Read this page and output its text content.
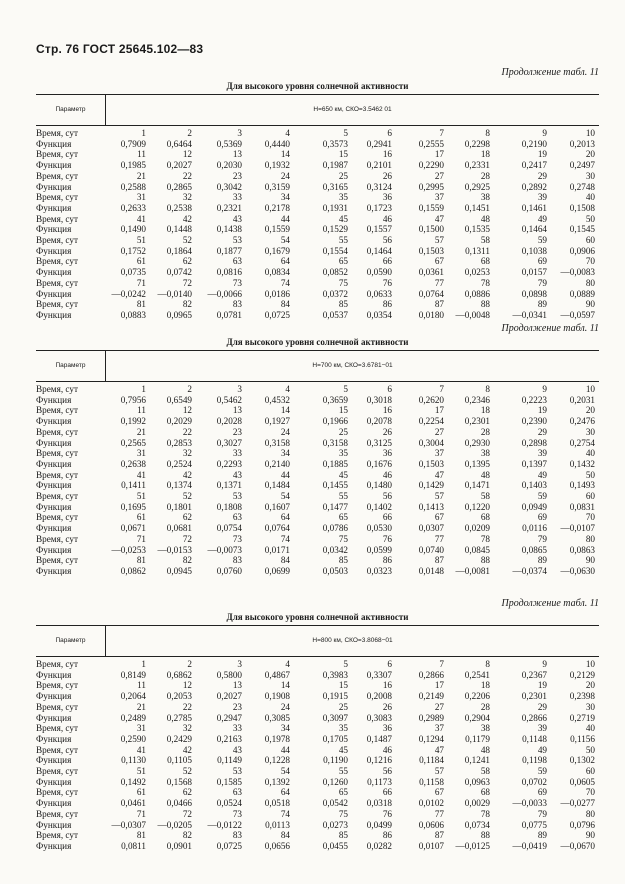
Стр. 76 ГОСТ 25645.102—83
Продолжение табл. 11
Для высокого уровня солнечной активности
Параметр	H=650 км, СКО=3.5462 01
Время, сут	1	2	3	4	5	6	7	8	9	10
Функция	0,7909	0,6464	0,5369	0,4440	0,3573	0,2941	0,2555	0,2298	0,2190	0,2013
Время, сут	11	12	13	14	15	16	17	18	19	20
Функция	0,1985	0,2027	0,2030	0,1932	0,1987	0,2101	0,2290	0,2331	0,2417	0,2497
Время, сут	21	22	23	24	25	26	27	28	29	30
Функция	0,2588	0,2865	0,3042	0,3159	0,3165	0,3124	0,2995	0,2925	0,2892	0,2748
Время, сут	31	32	33	34	35	36	37	38	39	40
Функция	0,2633	0,2538	0,2321	0,2178	0,1931	0,1723	0,1559	0,1451	0,1461	0,1508
Время, сут	41	42	43	44	45	46	47	48	49	50
Функция	0,1490	0,1448	0,1438	0,1559	0,1529	0,1557	0,1500	0,1535	0,1464	0,1545
Время, сут	51	52	53	54	55	56	57	58	59	60
Функция	0,1752	0,1864	0,1877	0,1679	0,1554	0,1464	0,1503	0,1311	0,1038	0,0906
Время, сут	61	62	63	64	65	66	67	68	69	70
Функция	0,0735	0,0742	0,0816	0,0834	0,0852	0,0590	0,0361	0,0253	0,0157	—0,0083
Время, сут	71	72	73	74	75	76	77	78	79	80
Функция	—0,0242	—0,0140	—0,0066	0,0186	0,0372	0,0633	0,0764	0,0886	0,0898	0,0889
Время, сут	81	82	83	84	85	86	87	88	89	90
Функция	0,0883	0,0965	0,0781	0,0725	0,0537	0,0354	0,0180	—0,0048	—0,0341	—0,0597
Продолжение табл. 11
Для высокого уровня солнечной активности
Параметр	H=700 км, СКО=3.6781−01
Время, сут	1	2	3	4	5	6	7	8	9	10
Функция	0,7956	0,6549	0,5462	0,4532	0,3659	0,3018	0,2620	0,2346	0,2223	0,2031
Время, сут	11	12	13	14	15	16	17	18	19	20
Функция	0,1992	0,2029	0,2028	0,1927	0,1966	0,2078	0,2254	0,2301	0,2390	0,2476
Время, сут	21	22	23	24	25	26	27	28	29	30
Функция	0,2565	0,2853	0,3027	0,3158	0,3158	0,3125	0,3004	0,2930	0,2898	0,2754
Время, сут	31	32	33	34	35	36	37	38	39	40
Функция	0,2638	0,2524	0,2293	0,2140	0,1885	0,1676	0,1503	0,1395	0,1397	0,1432
Время, сут	41	42	43	44	45	46	47	48	49	50
Функция	0,1411	0,1374	0,1371	0,1484	0,1455	0,1480	0,1429	0,1471	0,1403	0,1493
Время, сут	51	52	53	54	55	56	57	58	59	60
Функция	0,1695	0,1801	0,1808	0,1607	0,1477	0,1402	0,1413	0,1220	0,0949	0,0831
Время, сут	61	62	63	64	65	66	67	68	69	70
Функция	0,0671	0,0681	0,0754	0,0764	0,0786	0,0530	0,0307	0,0209	0,0116	—0,0107
Время, сут	71	72	73	74	75	76	77	78	79	80
Функция	—0,0253	—0,0153	—0,0073	0,0171	0,0342	0,0599	0,0740	0,0845	0,0865	0,0863
Время, сут	81	82	83	84	85	86	87	88	89	90
Функция	0,0862	0,0945	0,0760	0,0699	0,0503	0,0323	0,0148	—0,0081	—0,0374	—0,0630
Продолжение табл. 11
Для высокого уровня солнечной активности
Параметр	H=800 км, СКО=3.8068−01
Время, сут	1	2	3	4	5	6	7	8	9	10
Функция	0,8149	0,6862	0,5800	0,4867	0,3983	0,3307	0,2866	0,2541	0,2367	0,2129
Время, сут	11	12	13	14	15	16	17	18	19	20
Функция	0,2064	0,2053	0,2027	0,1908	0,1915	0,2008	0,2149	0,2206	0,2301	0,2398
Время, сут	21	22	23	24	25	26	27	28	29	30
Функция	0,2489	0,2785	0,2947	0,3085	0,3097	0,3083	0,2989	0,2904	0,2866	0,2719
Время, сут	31	32	33	34	35	36	37	38	39	40
Функция	0,2590	0,2429	0,2163	0,1978	0,1705	0,1487	0,1294	0,1179	0,1148	0,1156
Время, сут	41	42	43	44	45	46	47	48	49	50
Функция	0,1130	0,1105	0,1149	0,1228	0,1190	0,1216	0,1184	0,1241	0,1198	0,1302
Время, сут	51	52	53	54	55	56	57	58	59	60
Функция	0,1492	0,1568	0,1585	0,1392	0,1260	0,1173	0,1158	0,0963	0,0702	0,0605
Время, сут	61	62	63	64	65	66	67	68	69	70
Функция	0,0461	0,0466	0,0524	0,0518	0,0542	0,0318	0,0102	0,0029	—0,0033	—0,0277
Время, сут	71	72	73	74	75	76	77	78	79	80
Функция	—0,0307	—0,0205	—0,0122	0,0113	0,0273	0,0499	0,0606	0,0734	0,0775	0,0796
Время, сут	81	82	83	84	85	86	87	88	89	90
Функция	0,0811	0,0901	0,0725	0,0656	0,0455	0,0282	0,0107	—0,0125	—0,0419	—0,0670
